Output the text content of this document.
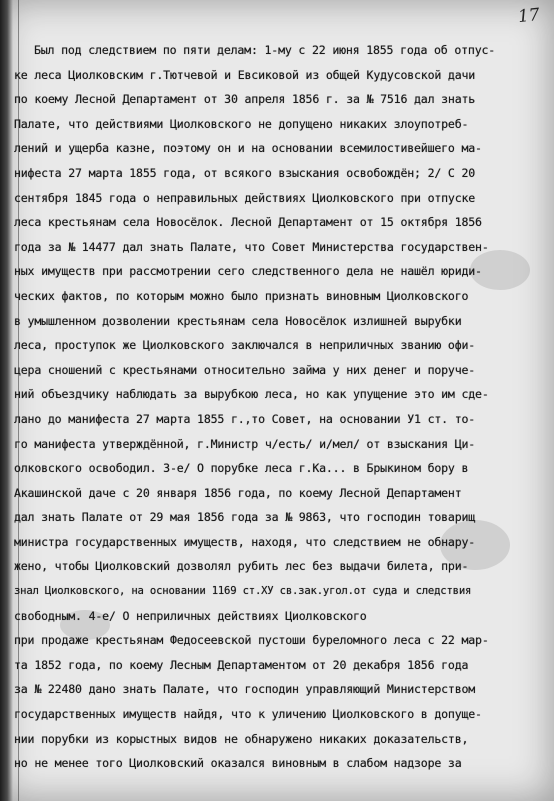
17
Был под следствием по пяти делам: 1-му с 22 июня 1855 года об отпус-
ке леса Циолковским г.Тютчевой и Евсиковой из общей Кудусовской дачи
по коему Лесной Департамент от 30 апреля 1856 г. за № 7516 дал знать
Палате, что действиями Циолковского не допущено никаких злоупотреб-
лений и ущерба казне, поэтому он и на основании всемилостивейшего ма-
нифеста 27 марта 1855 года, от всякого взыскания освобождён; 2/ С 20
сентября 1845 года о неправильных действиях Циолковского при отпуске
леса крестьянам села Новосёлок. Лесной Департамент от 15 октября 1856
года за № 14477 дал знать Палате, что Совет Министерства государствен-
ных имуществ при рассмотрении сего следственного дела не нашёл юриди-
ческих фактов, по которым можно было признать виновным Циолковского
в умышленном дозволении крестьянам села Новосёлок излишней вырубки
леса, проступок же Циолковского заключался в неприличных званию офи-
цера сношений с крестьянами относительно займа у них денег и поруче-
ний объездчику наблюдать за вырубкою леса, но как упущение это им сде-
лано до манифеста 27 марта 1855 г.,то Совет, на основании У1 ст. то-
го манифеста утверждённой, г.Министр ч/есть/ и/мел/ от взыскания Ци-
олковского освободил. 3-е/ О порубке леса г.Ка... в Брыкином бору в
Акашинской даче с 20 января 1856 года, по коему Лесной Департамент
дал знать Палате от 29 мая 1856 года за № 9863, что господин товарищ
министра государственных имуществ, находя, что следствием не обнару-
жено, чтобы Циолковский дозволял рубить лес без выдачи билета, при-
знал Циолковского, на основании 1169 ст.ХУ св.зак.угол.от суда и следствия
свободным. 4-е/ О неприличных действиях Циолковского
при продаже крестьянам Федосеевской пустоши буреломного леса с 22 мар-
та 1852 года, по коему Лесным Департаментом от 20 декабря 1856 года
за № 22480 дано знать Палате, что господин управляющий Министерством
государственных имуществ найдя, что к уличению Циолковского в допуще-
нии порубки из корыстных видов не обнаружено никаких доказательств,
но не менее того Циолковский оказался виновным в слабом надзоре за
